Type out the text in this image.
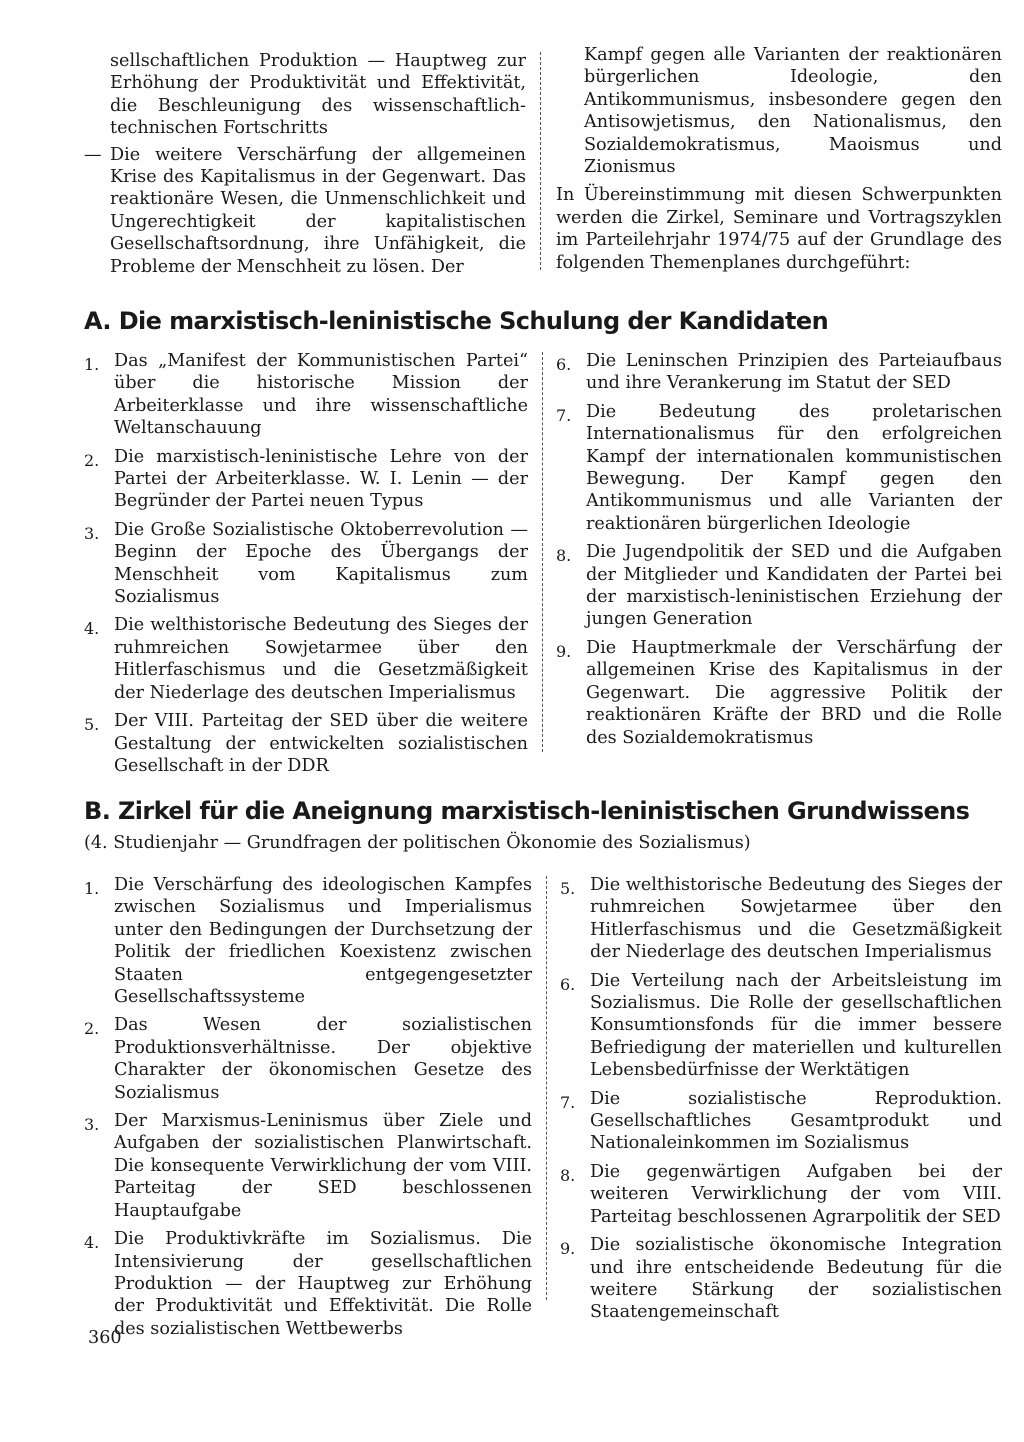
sellschaftlichen Produktion — Hauptweg zur Erhöhung der Produktivität und Effektivität, die Beschleunigung des wissenschaftlich-technischen Fortschritts

— Die weitere Verschärfung der allgemeinen Krise des Kapitalismus in der Gegenwart. Das reaktionäre Wesen, die Unmenschlichkeit und Ungerechtigkeit der kapitalistischen Gesellschaftsordnung, ihre Unfähigkeit, die Probleme der Menschheit zu lösen. Der

Kampf gegen alle Varianten der reaktionären bürgerlichen Ideologie, den Antikommunismus, insbesondere gegen den Antisowjetismus, den Nationalismus, den Sozialdemokratismus, Maoismus und Zionismus

In Übereinstimmung mit diesen Schwerpunkten werden die Zirkel, Seminare und Vortragszyklen im Parteilehrjahr 1974/75 auf der Grundlage des folgenden Themenplanes durchgeführt:

A. Die marxistisch-leninistische Schulung der Kandidaten
1. Das „Manifest der Kommunistischen Partei“ über die historische Mission der Arbeiterklasse und ihre wissenschaftliche Weltanschauung
2. Die marxistisch-leninistische Lehre von der Partei der Arbeiterklasse. W. I. Lenin — der Begründer der Partei neuen Typus
3. Die Große Sozialistische Oktoberrevolution — Beginn der Epoche des Übergangs der Menschheit vom Kapitalismus zum Sozialismus
4. Die welthistorische Bedeutung des Sieges der ruhmreichen Sowjetarmee über den Hitlerfaschismus und die Gesetzmäßigkeit der Niederlage des deutschen Imperialismus
5. Der VIII. Parteitag der SED über die weitere Gestaltung der entwickelten sozialistischen Gesellschaft in der DDR
6. Die Leninschen Prinzipien des Parteiaufbaus und ihre Verankerung im Statut der SED
7. Die Bedeutung des proletarischen Internationalismus für den erfolgreichen Kampf der internationalen kommunistischen Bewegung. Der Kampf gegen den Antikommunismus und alle Varianten der reaktionären bürgerlichen Ideologie
8. Die Jugendpolitik der SED und die Aufgaben der Mitglieder und Kandidaten der Partei bei der marxistisch-leninistischen Erziehung der jungen Generation
9. Die Hauptmerkmale der Verschärfung der allgemeinen Krise des Kapitalismus in der Gegenwart. Die aggressive Politik der reaktionären Kräfte der BRD und die Rolle des Sozialdemokratismus
B. Zirkel für die Aneignung marxistisch-leninistischen Grundwissens
(4. Studienjahr — Grundfragen der politischen Ökonomie des Sozialismus)
1. Die Verschärfung des ideologischen Kampfes zwischen Sozialismus und Imperialismus unter den Bedingungen der Durchsetzung der Politik der friedlichen Koexistenz zwischen Staaten entgegengesetzter Gesellschaftssysteme
2. Das Wesen der sozialistischen Produktionsverhältnisse. Der objektive Charakter der ökonomischen Gesetze des Sozialismus
3. Der Marxismus-Leninismus über Ziele und Aufgaben der sozialistischen Planwirtschaft. Die konsequente Verwirklichung der vom VIII. Parteitag der SED beschlossenen Hauptaufgabe
4. Die Produktivkräfte im Sozialismus. Die Intensivierung der gesellschaftlichen Produktion — der Hauptweg zur Erhöhung der Produktivität und Effektivität. Die Rolle des sozialistischen Wettbewerbs
5. Die welthistorische Bedeutung des Sieges der ruhmreichen Sowjetarmee über den Hitlerfaschismus und die Gesetzmäßigkeit der Niederlage des deutschen Imperialismus
6. Die Verteilung nach der Arbeitsleistung im Sozialismus. Die Rolle der gesellschaftlichen Konsumtionsfonds für die immer bessere Befriedigung der materiellen und kulturellen Lebensbedürfnisse der Werktätigen
7. Die sozialistische Reproduktion. Gesellschaftliches Gesamtprodukt und Nationaleinkommen im Sozialismus
8. Die gegenwärtigen Aufgaben bei der weiteren Verwirklichung der vom VIII. Parteitag beschlossenen Agrarpolitik der SED
9. Die sozialistische ökonomische Integration und ihre entscheidende Bedeutung für die weitere Stärkung der sozialistischen Staatengemeinschaft
360
